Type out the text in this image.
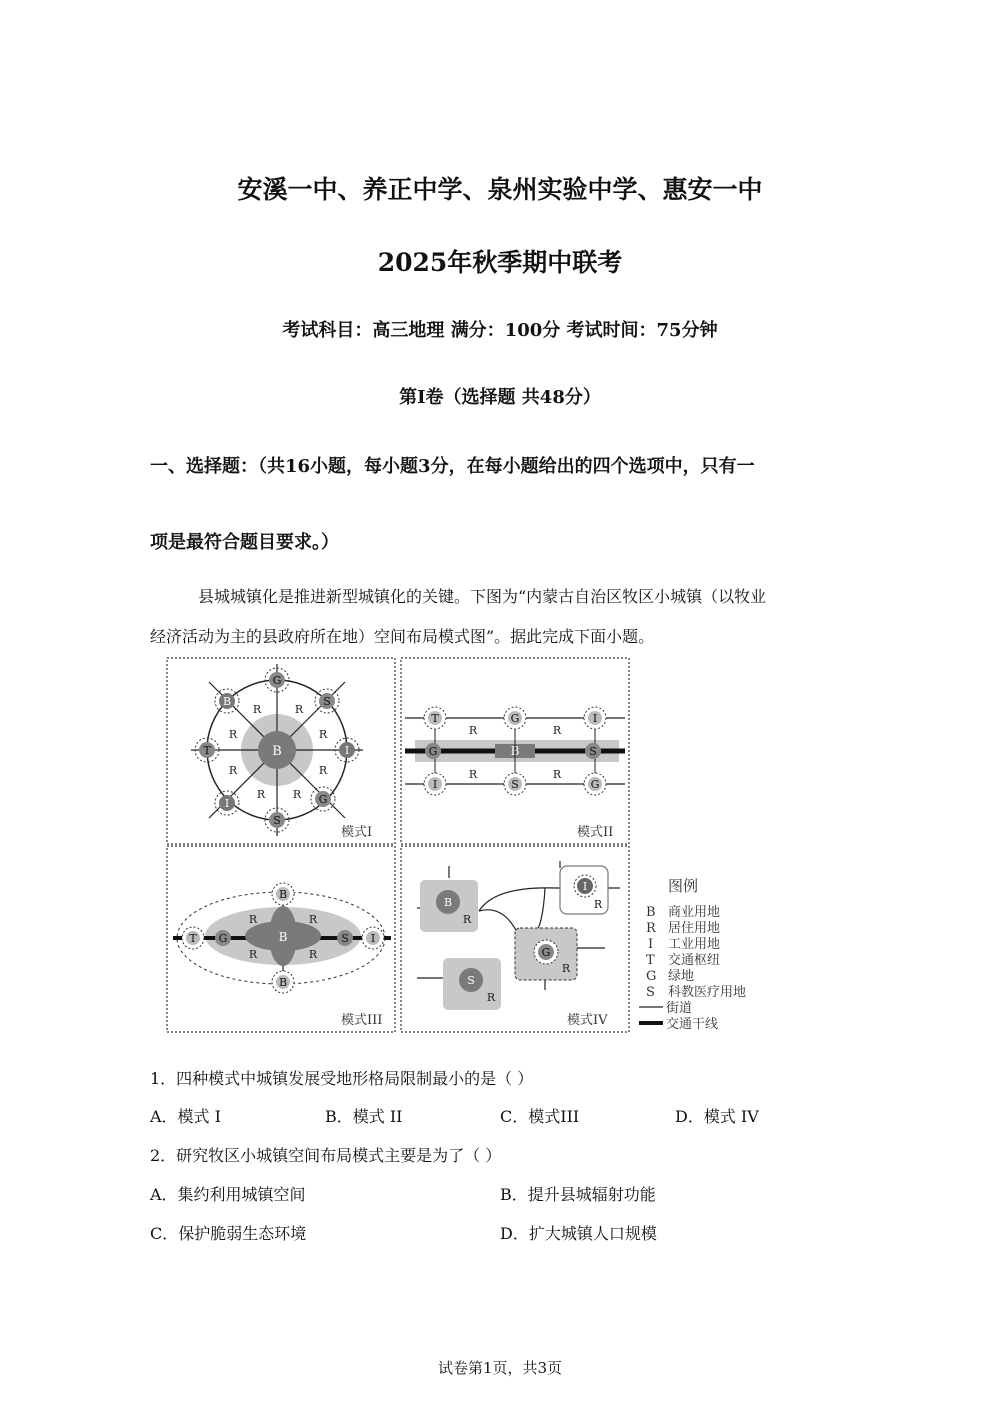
安溪一中、养正中学、泉州实验中学、惠安一中
2025年秋季期中联考
考试科目：高三地理 满分：100分 考试时间：75分钟
第I卷（选择题 共48分）
一、选择题：（共16小题，每小题3分，在每小题给出的四个选项中，只有一
项是最符合题目要求。）
县城城镇化是推进新型城镇化的关键。下图为“内蒙古自治区牧区小城镇（以牧业
经济活动为主的县政府所在地）空间布局模式图”。据此完成下面小题。
B
G
S
I
G
S
I
T
B
R	R
R	R
R	R
R	R
模式I
B
G	S
T	G	I
I	S	G
R	R
R	R
模式II
B
G	S
T	I
B
B
R	R
R	R
模式III
B
R
G
R
S
R
I
R
模式IV
图例
B 商业用地
R 居住用地
I 工业用地
T 交通枢纽
G 绿地
S 科教医疗用地
街道
交通干线
1．四种模式中城镇发展受地形格局限制最小的是（ ）
A．模式 I	B．模式 II	C．模式III	D．模式 IV
2．研究牧区小城镇空间布局模式主要是为了（ ）
A．集约利用城镇空间	B．提升县城辐射功能
C．保护脆弱生态环境	D．扩大城镇人口规模
试卷第1页，共3页
